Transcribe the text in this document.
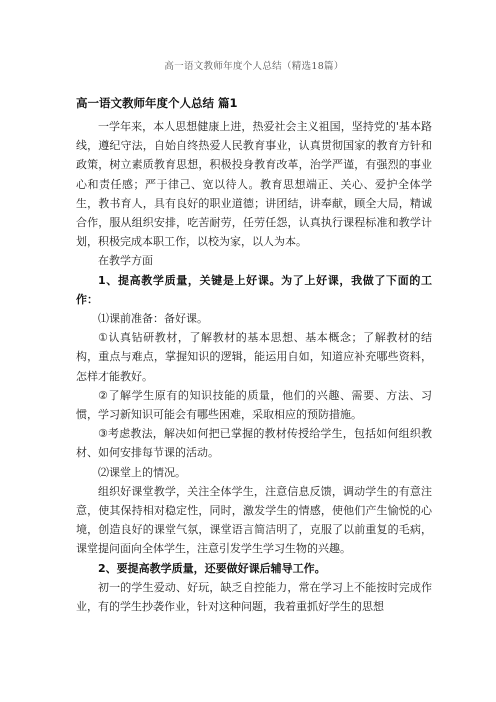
高一语文教师年度个人总结（精选18篇）
高一语文教师年度个人总结 篇1

一学年来，本人思想健康上进，热爱社会主义祖国，坚持党的'基本路线，遵纪守法，自始自终热爱人民教育事业，认真贯彻国家的教育方针和政策，树立素质教育思想，积极投身教育改革，治学严谨，有强烈的事业心和责任感；严于律己、宽以待人。教育思想端正、关心、爱护全体学生，教书育人，具有良好的职业道德；讲团结，讲奉献，顾全大局，精诚合作，服从组织安排，吃苦耐劳，任劳任怨，认真执行课程标准和教学计划，积极完成本职工作，以校为家，以人为本。

在教学方面

1、提高教学质量，关键是上好课。为了上好课，我做了下面的工作：

⑴课前准备：备好课。

①认真钻研教材，了解教材的基本思想、基本概念；了解教材的结构，重点与难点，掌握知识的逻辑，能运用自如，知道应补充哪些资料，怎样才能教好。

②了解学生原有的知识技能的质量，他们的兴趣、需要、方法、习惯，学习新知识可能会有哪些困难，采取相应的预防措施。

③考虑教法，解决如何把已掌握的教材传授给学生，包括如何组织教材、如何安排每节课的活动。

⑵课堂上的情况。

组织好课堂教学，关注全体学生，注意信息反馈，调动学生的有意注意，使其保持相对稳定性，同时，激发学生的情感，使他们产生愉悦的心境，创造良好的课堂气氛，课堂语言简洁明了，克服了以前重复的毛病，课堂提问面向全体学生，注意引发学生学习生物的兴趣。

2、要提高教学质量，还要做好课后辅导工作。

初一的学生爱动、好玩，缺乏自控能力，常在学习上不能按时完成作业，有的学生抄袭作业，针对这种问题，我着重抓好学生的思想
